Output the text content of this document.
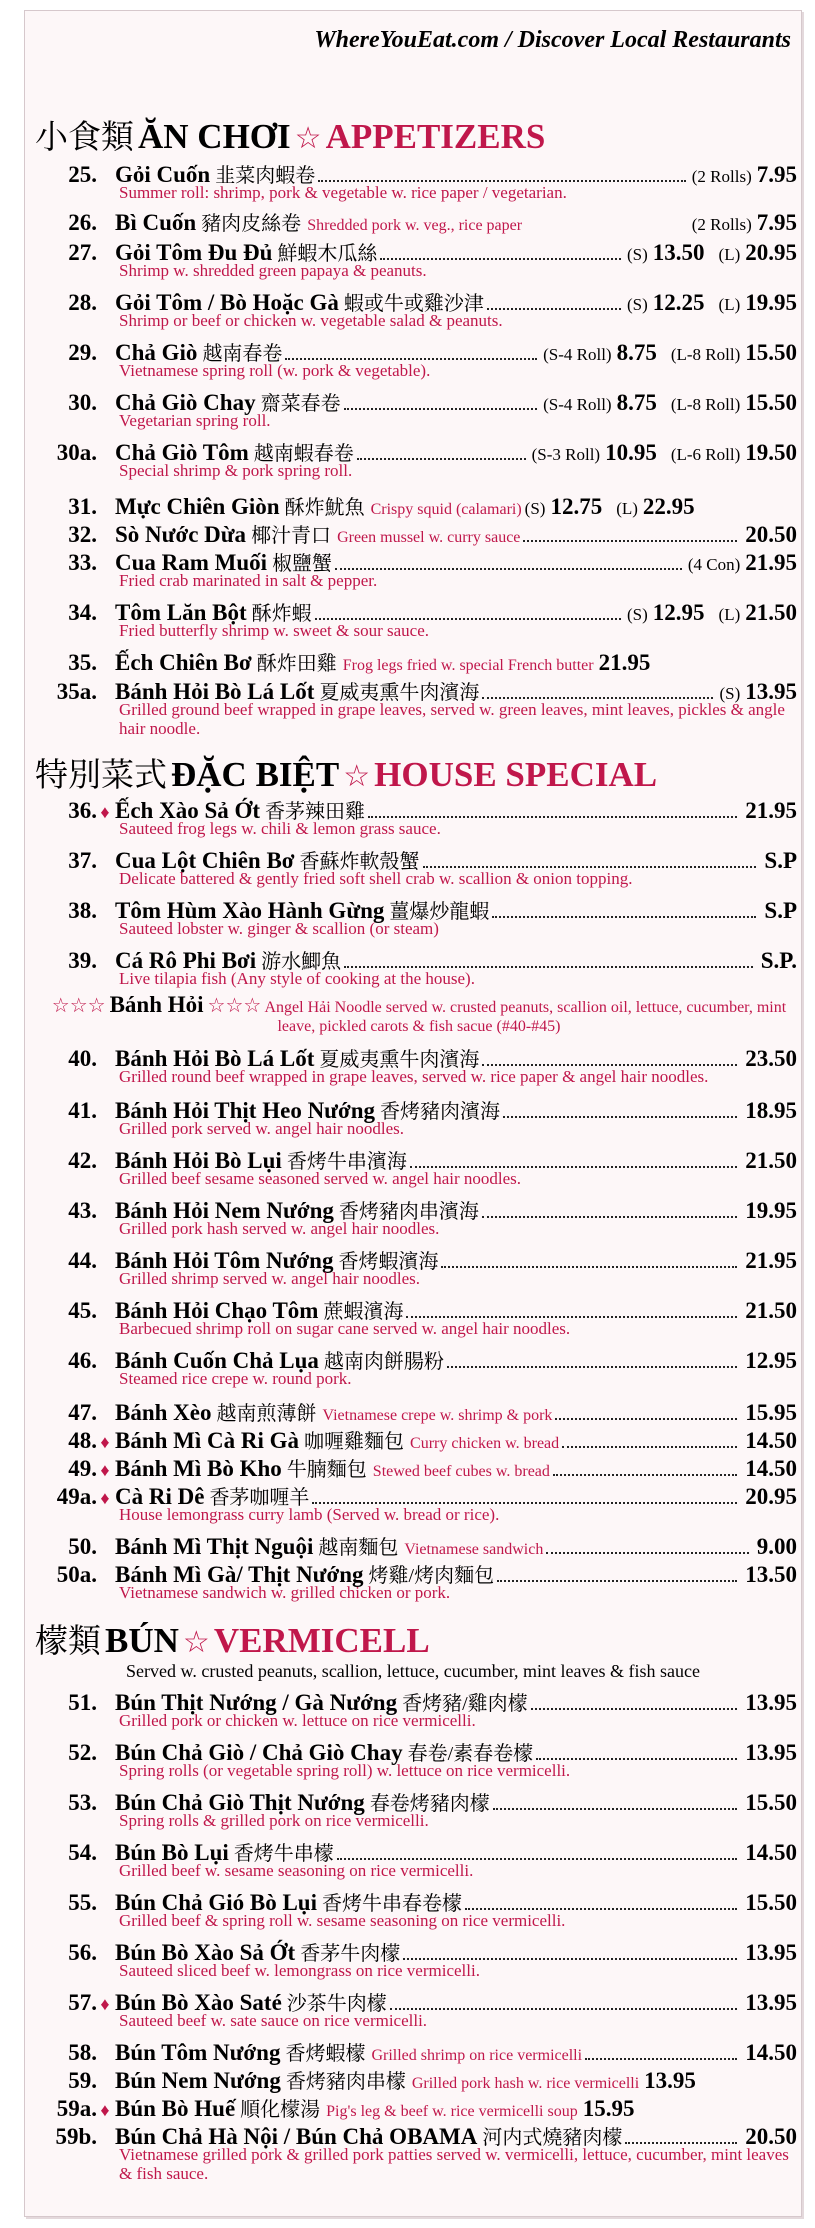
WhereYouEat.com / Discover Local Restaurants
小食類 ĂN CHƠI ☆ APPETIZERS
25. Gỏi Cuốn 韭菜肉蝦卷	(2 Rolls) 7.95
Summer roll: shrimp, pork & vegetable w. rice paper / vegetarian.
26. Bì Cuốn 豬肉皮絲卷 Shredded pork w. veg., rice paper	(2 Rolls) 7.95
27. Gỏi Tôm Đu Đủ 鮮蝦木瓜絲	(S) 13.50 (L) 20.95
Shrimp w. shredded green papaya & peanuts.
28. Gỏi Tôm / Bò Hoặc Gà 蝦或牛或雞沙津	(S) 12.25 (L) 19.95
Shrimp or beef or chicken w. vegetable salad & peanuts.
29. Chả Giò 越南春卷	(S-4 Roll) 8.75 (L-8 Roll) 15.50
Vietnamese spring roll (w. pork & vegetable).
30. Chả Giò Chay 齋菜春卷	(S-4 Roll) 8.75 (L-8 Roll) 15.50
Vegetarian spring roll.
30a. Chả Giò Tôm 越南蝦春卷	(S-3 Roll) 10.95 (L-6 Roll) 19.50
Special shrimp & pork spring roll.
31. Mực Chiên Giòn 酥炸魷魚 Crispy squid (calamari) (S) 12.75 (L) 22.95
32. Sò Nước Dừa 椰汁青口 Green mussel w. curry sauce	20.50
33. Cua Ram Muối 椒鹽蟹	(4 Con) 21.95
Fried crab marinated in salt & pepper.
34. Tôm Lăn Bột 酥炸蝦	(S) 12.95 (L) 21.50
Fried butterfly shrimp w. sweet & sour sauce.
35. Ếch Chiên Bơ 酥炸田雞 Frog legs fried w. special French butter 21.95
35a. Bánh Hỏi Bò Lá Lốt 夏威夷熏牛肉濱海	(S) 13.95
Grilled ground beef wrapped in grape leaves, served w. green leaves, mint leaves, pickles & angle hair noodle.
特別菜式 ĐẶC BIỆT ☆ HOUSE SPECIAL
36. ♦ Ếch Xào Sả Ớt 香茅辣田雞	21.95
Sauteed frog legs w. chili & lemon grass sauce.
37. Cua Lột Chiên Bơ 香蘇炸軟殼蟹	S.P
Delicate battered & gently fried soft shell crab w. scallion & onion topping.
38. Tôm Hùm Xào Hành Gừng 薑爆炒龍蝦	S.P
Sauteed lobster w. ginger & scallion (or steam)
39. Cá Rô Phi Bơi 游水鯽魚	S.P.
Live tilapia fish (Any style of cooking at the house).
☆☆☆ Bánh Hỏi ☆☆☆ Angel Hải Noodle served w. crusted peanuts, scallion oil, lettuce, cucumber, mint leave, pickled carots & fish sacue (#40-#45)
40. Bánh Hỏi Bò Lá Lốt 夏威夷熏牛肉濱海	23.50
Grilled round beef wrapped in grape leaves, served w. rice paper & angel hair noodles.
41. Bánh Hỏi Thịt Heo Nướng 香烤豬肉濱海	18.95
Grilled pork served w. angel hair noodles.
42. Bánh Hỏi Bò Lụi 香烤牛串濱海	21.50
Grilled beef sesame seasoned served w. angel hair noodles.
43. Bánh Hỏi Nem Nướng 香烤豬肉串濱海	19.95
Grilled pork hash served w. angel hair noodles.
44. Bánh Hỏi Tôm Nướng 香烤蝦濱海	21.95
Grilled shrimp served w. angel hair noodles.
45. Bánh Hỏi Chạo Tôm 蔗蝦濱海	21.50
Barbecued shrimp roll on sugar cane served w. angel hair noodles.
46. Bánh Cuốn Chả Lụa 越南肉餅腸粉	12.95
Steamed rice crepe w. round pork.
47. Bánh Xèo 越南煎薄餅 Vietnamese crepe w. shrimp & pork	15.95
48. ♦ Bánh Mì Cà Ri Gà 咖喱雞麵包 Curry chicken w. bread	14.50
49. ♦ Bánh Mì Bò Kho 牛腩麵包 Stewed beef cubes w. bread	14.50
49a. ♦ Cà Ri Dê 香茅咖喱羊	20.95
House lemongrass curry lamb (Served w. bread or rice).
50. Bánh Mì Thịt Nguội 越南麵包 Vietnamese sandwich	9.00
50a. Bánh Mì Gà/ Thịt Nướng 烤雞/烤肉麵包	13.50
Vietnamese sandwich w. grilled chicken or pork.
檬類 BÚN ☆ VERMICELL
Served w. crusted peanuts, scallion, lettuce, cucumber, mint leaves & fish sauce
51. Bún Thịt Nướng / Gà Nướng 香烤豬/雞肉檬	13.95
Grilled pork or chicken w. lettuce on rice vermicelli.
52. Bún Chả Giò / Chả Giò Chay 春卷/素春卷檬	13.95
Spring rolls (or vegetable spring roll) w. lettuce on rice vermicelli.
53. Bún Chả Giò Thịt Nướng 春卷烤豬肉檬	15.50
Spring rolls & grilled pork on rice vermicelli.
54. Bún Bò Lụi 香烤牛串檬	14.50
Grilled beef w. sesame seasoning on rice vermicelli.
55. Bún Chả Gió Bò Lụi 香烤牛串春卷檬	15.50
Grilled beef & spring roll w. sesame seasoning on rice vermicelli.
56. Bún Bò Xào Sả Ớt 香茅牛肉檬	13.95
Sauteed sliced beef w. lemongrass on rice vermicelli.
57. ♦ Bún Bò Xào Saté 沙茶牛肉檬	13.95
Sauteed beef w. sate sauce on rice vermicelli.
58. Bún Tôm Nướng 香烤蝦檬 Grilled shrimp on rice vermicelli	14.50
59. Bún Nem Nướng 香烤豬肉串檬 Grilled pork hash w. rice vermicelli 13.95
59a. ♦ Bún Bò Huế 順化檬湯 Pig's leg & beef w. rice vermicelli soup 15.95
59b. Bún Chả Hà Nội / Bún Chả OBAMA 河内式燒豬肉檬	20.50
Vietnamese grilled pork & grilled pork patties served w. vermicelli, lettuce, cucumber, mint leaves & fish sauce.
